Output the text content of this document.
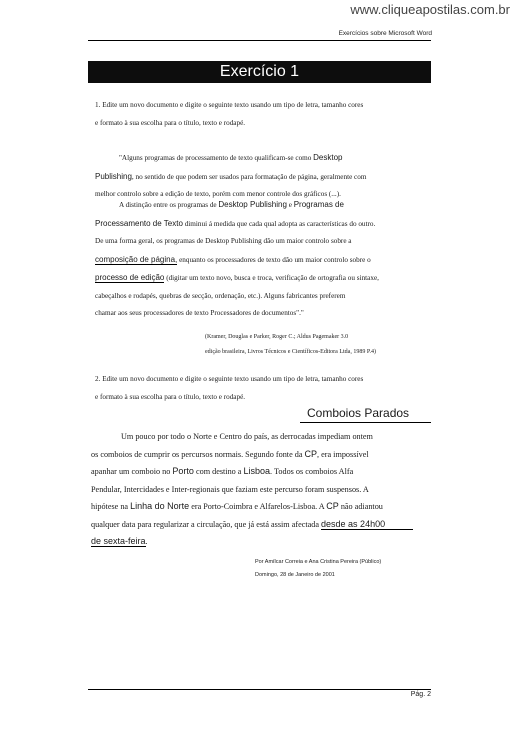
www.cliqueapostilas.com.br
Exercícios sobre Microsoft Word
Exercício 1

1. Edite um novo documento e digite o seguinte texto usando um tipo de letra, tamanho cores
e formato à sua escolha para o título, texto e rodapé.

"Alguns programas de processamento de texto qualificam-se como Desktop
Publishing, no sentido de que podem ser usados para formatação de página, geralmente com
melhor controlo sobre a edição de texto, porém com menor controle dos gráficos (...).

A distinção entre os programas de Desktop Publishing e Programas de
Processamento de Texto diminui á medida que cada qual adopta as características do outro.
De uma forma geral, os programas de Desktop Publishing dão um maior controlo sobre a
composição de página, enquanto os processadores de texto dão um maior controlo sobre o
processo de edição (digitar um texto novo, busca e troca, verificação de ortografia ou sintaxe,
cabeçalhos e rodapés, quebras de secção, ordenação, etc.). Alguns fabricantes preferem
chamar aos seus processadores de texto Processadores de documentos"."

(Kramer, Douglas e Parker, Roger C.; Aldus Pagemaker 3.0
edição brasileira, Livros Técnicos e Científicos-Editora Ltda, 1989 P.4)

2. Edite um novo documento e digite o seguinte texto usando um tipo de letra, tamanho cores
e formato à sua escolha para o título, texto e rodapé.

Comboios Parados

Um pouco por todo o Norte e Centro do país, as derrocadas impediam ontem
os comboios de cumprir os percursos normais. Segundo fonte da CP, era impossível
apanhar um comboio no Porto com destino a Lisboa. Todos os comboios Alfa
Pendular, Intercidades e Inter-regionais que faziam este percurso foram suspensos. A
hipótese na Linha do Norte era Porto-Coimbra e Alfarelos-Lisboa. A CP não adiantou
qualquer data para regularizar a circulação, que já está assim afectada desde as 24h00
de sexta-feira.

Por Amílcar Correia e Ana Cristina Pereira (Público)

Domingo, 28 de Janeiro de 2001

Pág. 2
